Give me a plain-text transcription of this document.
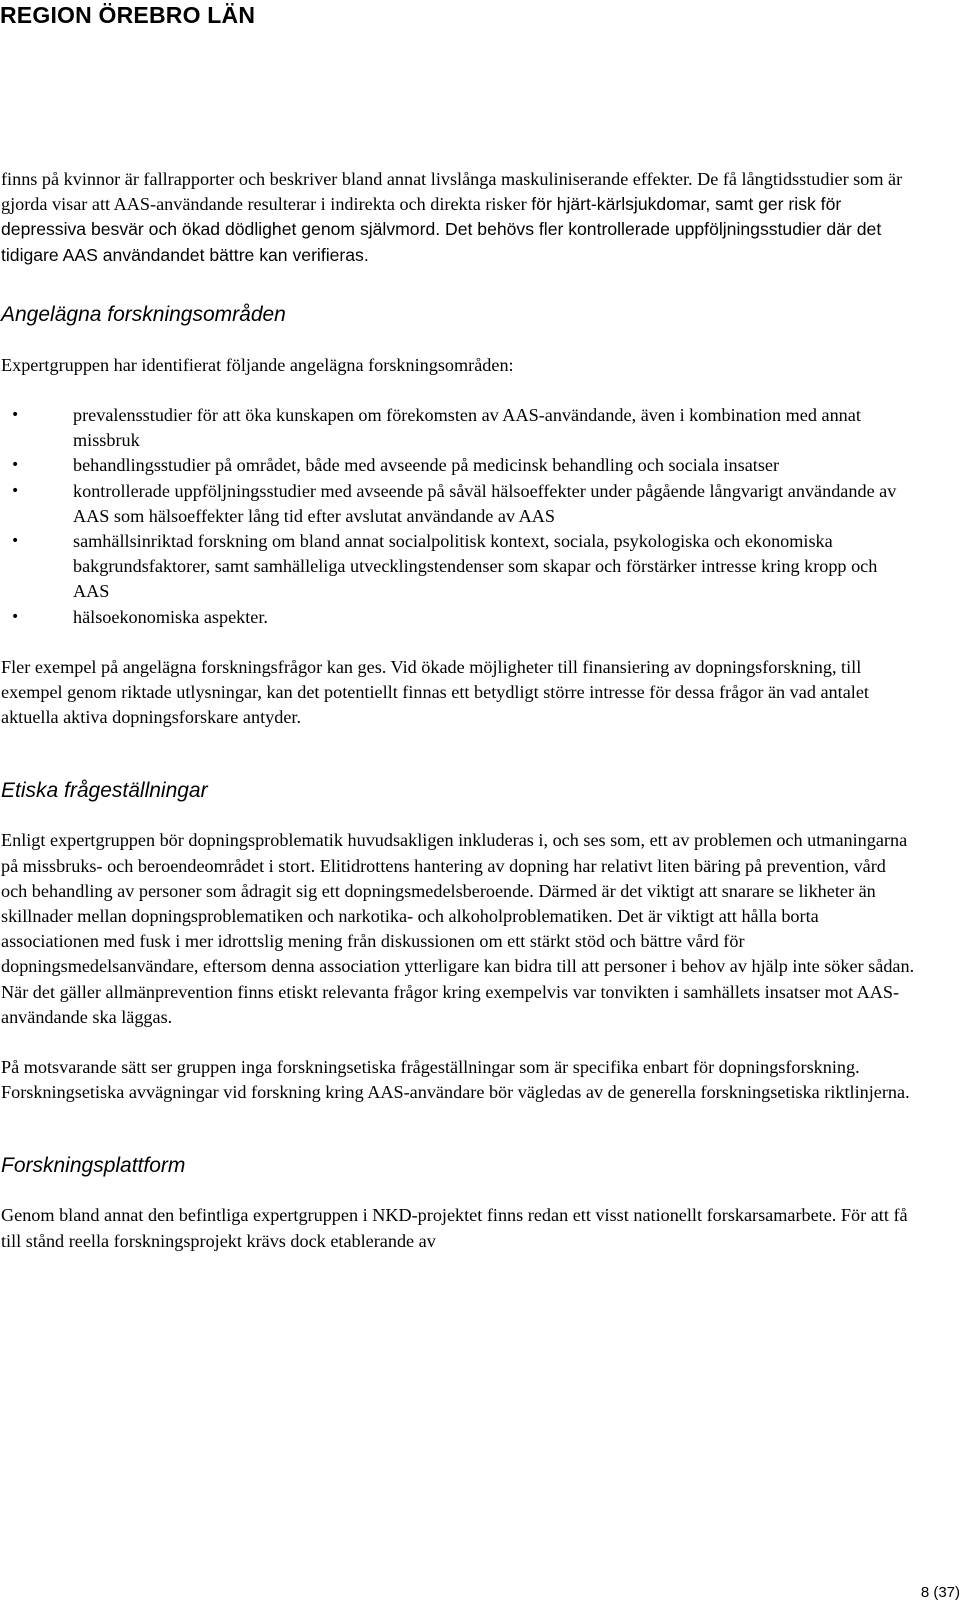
REGION ÖREBRO LÄN

finns på kvinnor är fallrapporter och beskriver bland annat livslånga maskuliniserande effekter. De få långtidsstudier som är gjorda visar att AAS-användande resulterar i indirekta och direkta risker för hjärt-kärlsjukdomar, samt ger risk för depressiva besvär och ökad dödlighet genom självmord. Det behövs fler kontrollerade uppföljningsstudier där det tidigare AAS användandet bättre kan verifieras.

Angelägna forskningsområden

Expertgruppen har identifierat följande angelägna forskningsområden:

•	prevalensstudier för att öka kunskapen om förekomsten av AAS-användande, även i kombination med annat missbruk
•	behandlingsstudier på området, både med avseende på medicinsk behandling och sociala insatser
•	kontrollerade uppföljningsstudier med avseende på såväl hälsoeffekter under pågående långvarigt användande av AAS som hälsoeffekter lång tid efter avslutat användande av AAS
•	samhällsinriktad forskning om bland annat socialpolitisk kontext, sociala, psykologiska och ekonomiska bakgrundsfaktorer, samt samhälleliga utvecklingstendenser som skapar och förstärker intresse kring kropp och AAS
•	hälsoekonomiska aspekter.

Fler exempel på angelägna forskningsfrågor kan ges. Vid ökade möjligheter till finansiering av dopningsforskning, till exempel genom riktade utlysningar, kan det potentiellt finnas ett betydligt större intresse för dessa frågor än vad antalet aktuella aktiva dopningsforskare antyder.

Etiska frågeställningar

Enligt expertgruppen bör dopningsproblematik huvudsakligen inkluderas i, och ses som, ett av problemen och utmaningarna på missbruks- och beroendeområdet i stort. Elitidrottens hantering av dopning har relativt liten bäring på prevention, vård och behandling av personer som ådragit sig ett dopningsmedelsberoende. Därmed är det viktigt att snarare se likheter än skillnader mellan dopningsproblematiken och narkotika- och alkoholproblematiken. Det är viktigt att hålla borta associationen med fusk i mer idrottslig mening från diskussionen om ett stärkt stöd och bättre vård för dopningsmedelsanvändare, eftersom denna association ytterligare kan bidra till att personer i behov av hjälp inte söker sådan. När det gäller allmänprevention finns etiskt relevanta frågor kring exempelvis var tonvikten i samhällets insatser mot AAS-användande ska läggas.

På motsvarande sätt ser gruppen inga forskningsetiska frågeställningar som är specifika enbart för dopningsforskning. Forskningsetiska avvägningar vid forskning kring AAS-användare bör vägledas av de generella forskningsetiska riktlinjerna.

Forskningsplattform

Genom bland annat den befintliga expertgruppen i NKD-projektet finns redan ett visst nationellt forskarsamarbete. För att få till stånd reella forskningsprojekt krävs dock etablerande av

8 (37)
